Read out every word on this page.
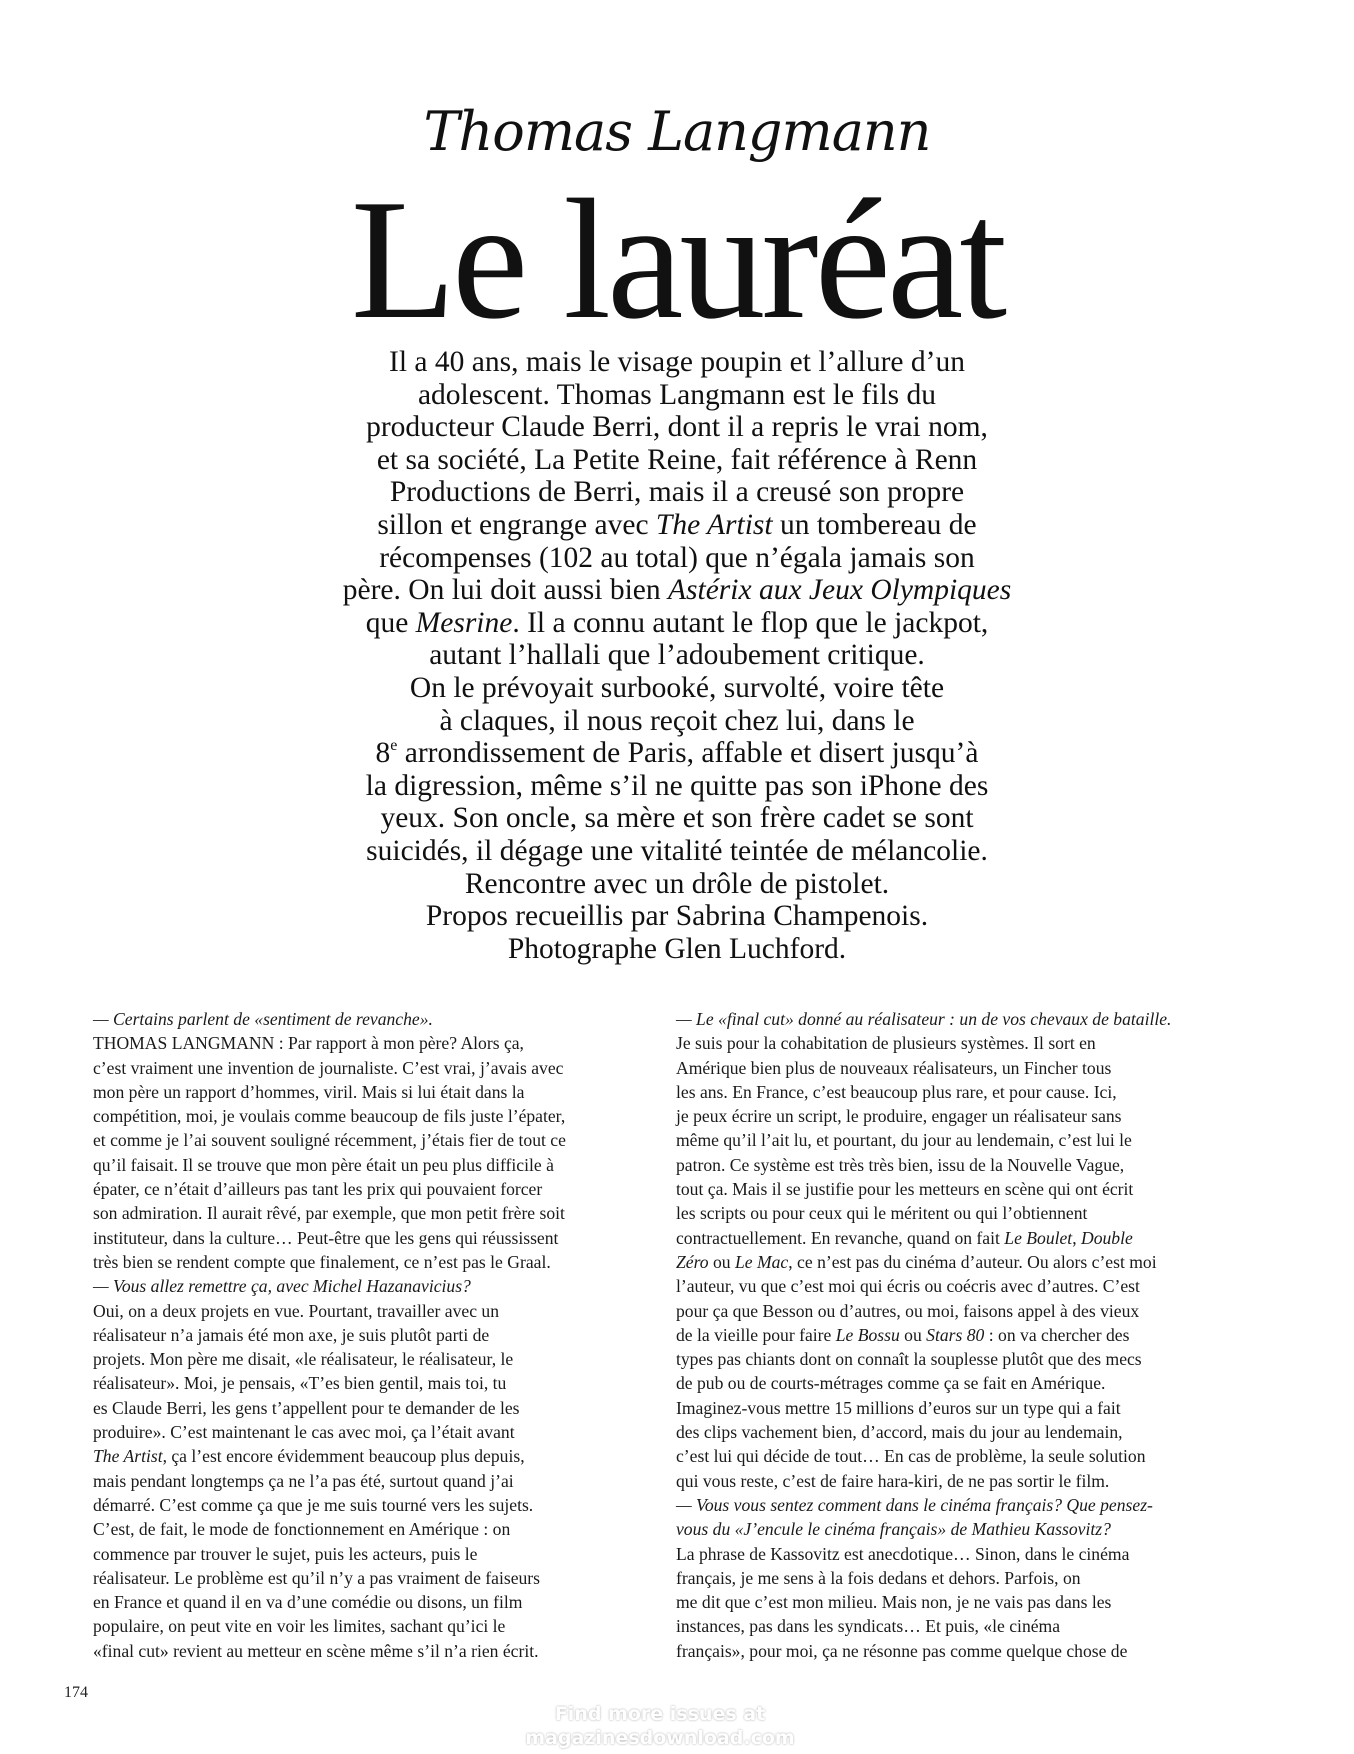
Thomas Langmann
Le lauréat
Il a 40 ans, mais le visage poupin et l’allure d’un
adolescent. Thomas Langmann est le fils du
producteur Claude Berri, dont il a repris le vrai nom,
et sa société, La Petite Reine, fait référence à Renn
Productions de Berri, mais il a creusé son propre
sillon et engrange avec The Artist un tombereau de
récompenses (102 au total) que n’égala jamais son
père. On lui doit aussi bien Astérix aux Jeux Olympiques
que Mesrine. Il a connu autant le flop que le jackpot,
autant l’hallali que l’adoubement critique.
On le prévoyait surbooké, survolté, voire tête
à claques, il nous reçoit chez lui, dans le
8e arrondissement de Paris, affable et disert jusqu’à
la digression, même s’il ne quitte pas son iPhone des
yeux. Son oncle, sa mère et son frère cadet se sont
suicidés, il dégage une vitalité teintée de mélancolie.
Rencontre avec un drôle de pistolet.
Propos recueillis par Sabrina Champenois.
Photographe Glen Luchford.
— Certains parlent de «sentiment de revanche».
THOMAS LANGMANN : Par rapport à mon père? Alors ça,
c’est vraiment une invention de journaliste. C’est vrai, j’avais avec
mon père un rapport d’hommes, viril. Mais si lui était dans la
compétition, moi, je voulais comme beaucoup de fils juste l’épater,
et comme je l’ai souvent souligné récemment, j’étais fier de tout ce
qu’il faisait. Il se trouve que mon père était un peu plus difficile à
épater, ce n’était d’ailleurs pas tant les prix qui pouvaient forcer
son admiration. Il aurait rêvé, par exemple, que mon petit frère soit
instituteur, dans la culture… Peut-être que les gens qui réussissent
très bien se rendent compte que finalement, ce n’est pas le Graal.
— Vous allez remettre ça, avec Michel Hazanavicius?
Oui, on a deux projets en vue. Pourtant, travailler avec un
réalisateur n’a jamais été mon axe, je suis plutôt parti de
projets. Mon père me disait, «le réalisateur, le réalisateur, le
réalisateur». Moi, je pensais, «T’es bien gentil, mais toi, tu
es Claude Berri, les gens t’appellent pour te demander de les
produire». C’est maintenant le cas avec moi, ça l’était avant
The Artist, ça l’est encore évidemment beaucoup plus depuis,
mais pendant longtemps ça ne l’a pas été, surtout quand j’ai
démarré. C’est comme ça que je me suis tourné vers les sujets.
C’est, de fait, le mode de fonctionnement en Amérique : on
commence par trouver le sujet, puis les acteurs, puis le
réalisateur. Le problème est qu’il n’y a pas vraiment de faiseurs
en France et quand il en va d’une comédie ou disons, un film
populaire, on peut vite en voir les limites, sachant qu’ici le
«final cut» revient au metteur en scène même s’il n’a rien écrit.
— Le «final cut» donné au réalisateur : un de vos chevaux de bataille.
Je suis pour la cohabitation de plusieurs systèmes. Il sort en
Amérique bien plus de nouveaux réalisateurs, un Fincher tous
les ans. En France, c’est beaucoup plus rare, et pour cause. Ici,
je peux écrire un script, le produire, engager un réalisateur sans
même qu’il l’ait lu, et pourtant, du jour au lendemain, c’est lui le
patron. Ce système est très très bien, issu de la Nouvelle Vague,
tout ça. Mais il se justifie pour les metteurs en scène qui ont écrit
les scripts ou pour ceux qui le méritent ou qui l’obtiennent
contractuellement. En revanche, quand on fait Le Boulet, Double
Zéro ou Le Mac, ce n’est pas du cinéma d’auteur. Ou alors c’est moi
l’auteur, vu que c’est moi qui écris ou coécris avec d’autres. C’est
pour ça que Besson ou d’autres, ou moi, faisons appel à des vieux
de la vieille pour faire Le Bossu ou Stars 80 : on va chercher des
types pas chiants dont on connaît la souplesse plutôt que des mecs
de pub ou de courts-métrages comme ça se fait en Amérique.
Imaginez-vous mettre 15 millions d’euros sur un type qui a fait
des clips vachement bien, d’accord, mais du jour au lendemain,
c’est lui qui décide de tout… En cas de problème, la seule solution
qui vous reste, c’est de faire hara-kiri, de ne pas sortir le film.
— Vous vous sentez comment dans le cinéma français? Que pensez-
vous du «J’encule le cinéma français» de Mathieu Kassovitz?
La phrase de Kassovitz est anecdotique… Sinon, dans le cinéma
français, je me sens à la fois dedans et dehors. Parfois, on
me dit que c’est mon milieu. Mais non, je ne vais pas dans les
instances, pas dans les syndicats… Et puis, «le cinéma
français», pour moi, ça ne résonne pas comme quelque chose de
174
Find more issues at
magazinesdownload.com
